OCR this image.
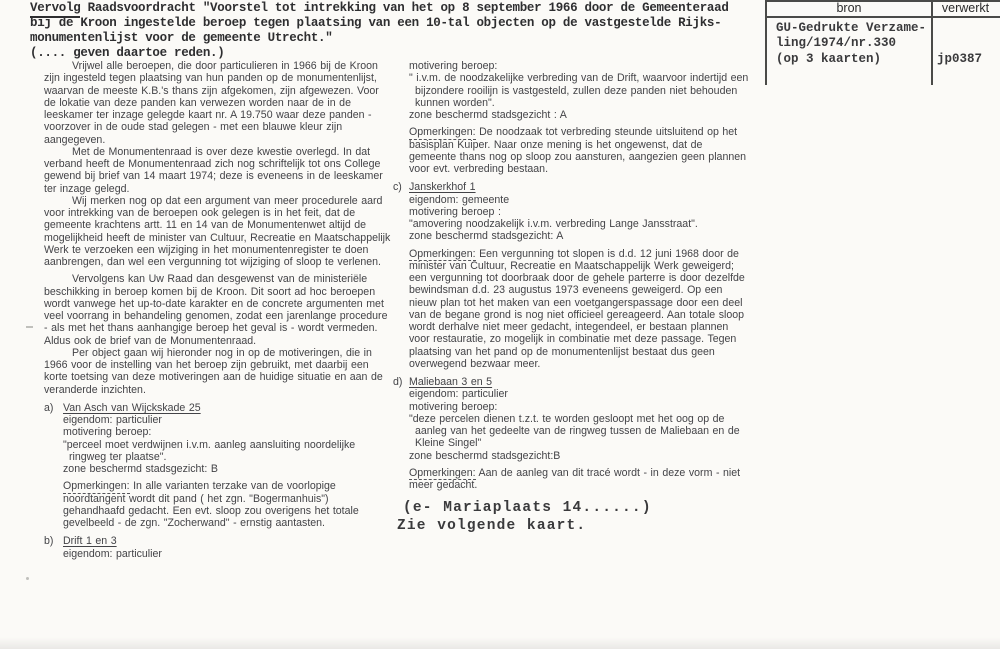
Vervolg Raadsvoordracht "Voorstel tot intrekking van het op 8 september 1966 door de Gemeenteraad
bij de Kroon ingestelde beroep tegen plaatsing van een 10-tal objecten op de vastgestelde Rijks-
monumentenlijst voor de gemeente Utrecht."
(.... geven daartoe reden.)
bron	verwerkt
GU-Gedrukte Verzame-
ling/1974/nr.330
(op 3 kaarten)	jp0387
Vrijwel alle beroepen, die door particulieren in 1966 bij de Kroon zijn ingesteld tegen plaatsing van hun panden op de monumentenlijst, waarvan de meeste K.B.'s thans zijn afgekomen, zijn afgewezen. Voor de lokatie van deze panden kan verwezen worden naar de in de leeskamer ter inzage gelegde kaart nr. A 19.750 waar deze panden - voorzover in de oude stad gelegen - met een blauwe kleur zijn aangegeven.
Met de Monumentenraad is over deze kwestie overlegd. In dat verband heeft de Monumentenraad zich nog schriftelijk tot ons College gewend bij brief van 14 maart 1974; deze is eveneens in de leeskamer ter inzage gelegd.
Wij merken nog op dat een argument van meer procedurele aard voor intrekking van de beroepen ook gelegen is in het feit, dat de gemeente krachtens artt. 11 en 14 van de Monumentenwet altijd de mogelijkheid heeft de minister van Cultuur, Recreatie en Maatschappelijk Werk te verzoeken een wijziging in het monumentenregister te doen aanbrengen, dan wel een vergunning tot wijziging of sloop te verlenen.
Vervolgens kan Uw Raad dan desgewenst van de ministeriële beschikking in beroep komen bij de Kroon. Dit soort ad hoc beroepen wordt vanwege het up-to-date karakter en de concrete argumenten met veel voorrang in behandeling genomen, zodat een jarenlange procedure - als met het thans aanhangige beroep het geval is - wordt vermeden. Aldus ook de brief van de Monumentenraad.
Per object gaan wij hieronder nog in op de motiveringen, die in 1966 voor de instelling van het beroep zijn gebruikt, met daarbij een korte toetsing van deze motiveringen aan de huidige situatie en aan de veranderde inzichten.
a) Van Asch van Wijckskade 25
eigendom: particulier
motivering beroep:
"perceel moet verdwijnen i.v.m. aanleg aansluiting noordelijke ringweg ter plaatse".
zone beschermd stadsgezicht: B
Opmerkingen: In alle varianten terzake van de voorlopige noordtangent wordt dit pand ( het zgn. "Bogermanhuis") gehandhaafd gedacht. Een evt. sloop zou overigens het totale gevelbeeld - de zgn. "Zocherwand" - ernstig aantasten.
b) Drift 1 en 3
eigendom: particulier
motivering beroep:
" i.v.m. de noodzakelijke verbreding van de Drift, waarvoor indertijd een bijzondere rooilijn is vastgesteld, zullen deze panden niet behouden kunnen worden".
zone beschermd stadsgezicht : A
Opmerkingen: De noodzaak tot verbreding steunde uitsluitend op het basisplan Kuiper. Naar onze mening is het ongewenst, dat de gemeente thans nog op sloop zou aansturen, aangezien geen plannen voor evt. verbreding bestaan.
c) Janskerkhof 1
eigendom: gemeente
motivering beroep :
"amovering noodzakelijk i.v.m. verbreding Lange Jansstraat".
zone beschermd stadsgezicht: A
Opmerkingen: Een vergunning tot slopen is d.d. 12 juni 1968 door de minister van Cultuur, Recreatie en Maatschappelijk Werk geweigerd; een vergunning tot doorbraak door de gehele parterre is door dezelfde bewindsman d.d. 23 augustus 1973 eveneens geweigerd. Op een nieuw plan tot het maken van een voetgangerspassage door een deel van de begane grond is nog niet officieel gereageerd. Aan totale sloop wordt derhalve niet meer gedacht, integendeel, er bestaan plannen voor restauratie, zo mogelijk in combinatie met deze passage. Tegen plaatsing van het pand op de monumentenlijst bestaat dus geen overwegend bezwaar meer.
d) Maliebaan 3 en 5
eigendom: particulier
motivering beroep:
"deze percelen dienen t.z.t. te worden gesloopt met het oog op de aanleg van het gedeelte van de ringweg tussen de Maliebaan en de Kleine Singel"
zone beschermd stadsgezicht:B
Opmerkingen: Aan de aanleg van dit tracé wordt - in deze vorm - niet meer gedacht.
(e- Mariaplaats 14......)
Zie volgende kaart.
